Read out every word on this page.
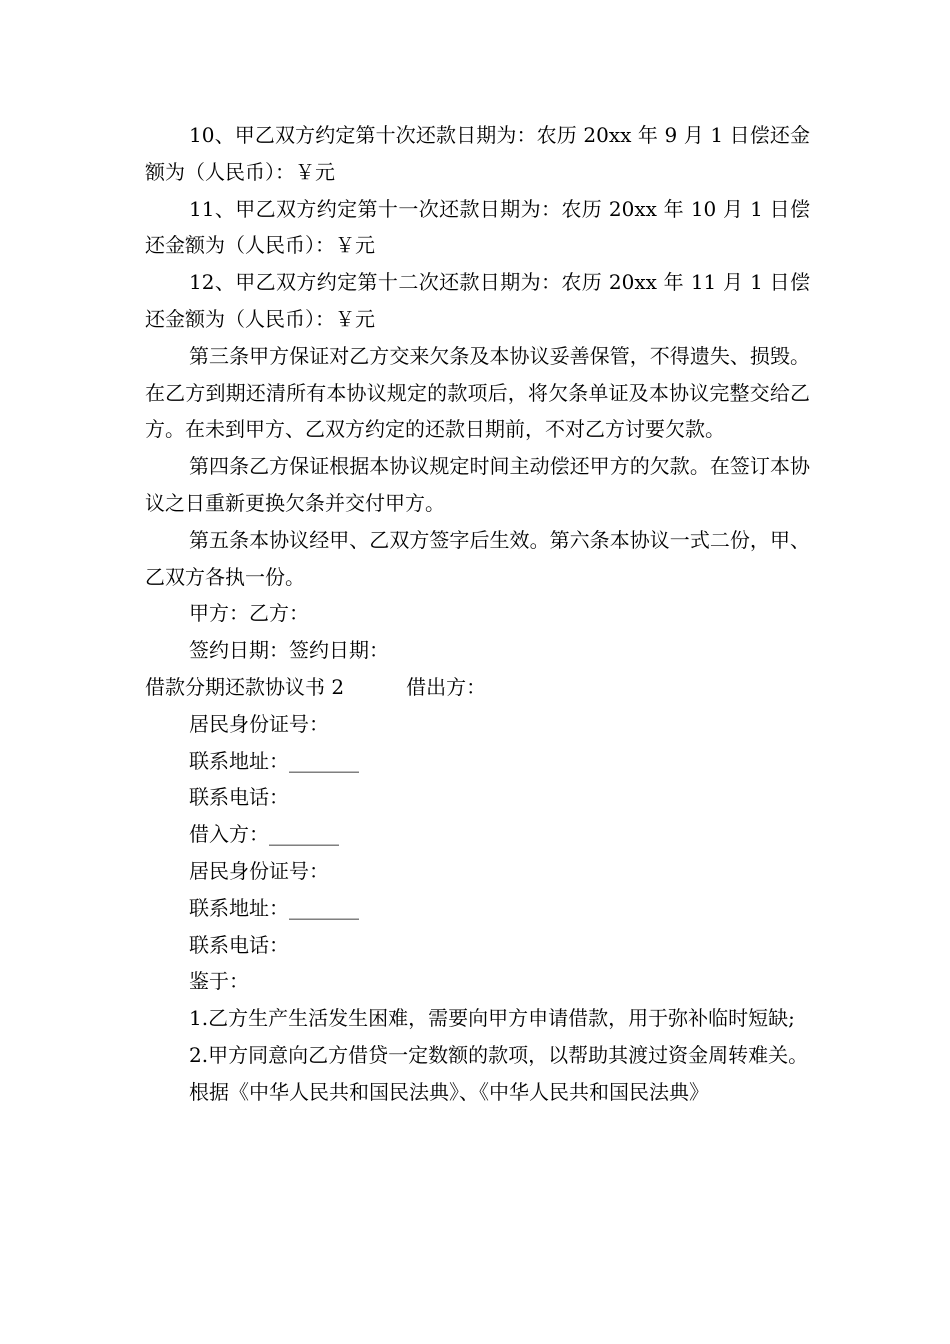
10、甲乙双方约定第十次还款日期为：农历 20xx 年 9 月 1 日偿还金额为（人民币）：￥元

11、甲乙双方约定第十一次还款日期为：农历 20xx 年 10 月 1 日偿还金额为（人民币）：￥元

12、甲乙双方约定第十二次还款日期为：农历 20xx 年 11 月 1 日偿还金额为（人民币）：￥元

第三条甲方保证对乙方交来欠条及本协议妥善保管，不得遗失、损毁。在乙方到期还清所有本协议规定的款项后，将欠条单证及本协议完整交给乙方。在未到甲方、乙双方约定的还款日期前，不对乙方讨要欠款。

第四条乙方保证根据本协议规定时间主动偿还甲方的欠款。在签订本协议之日重新更换欠条并交付甲方。

第五条本协议经甲、乙双方签字后生效。第六条本协议一式二份，甲、乙双方各执一份。

甲方：乙方：

签约日期：签约日期：

借款分期还款协议书 2	借出方：

居民身份证号：

联系地址：_______

联系电话：

借入方：_______

居民身份证号：

联系地址：_______

联系电话：

鉴于：

1.乙方生产生活发生困难，需要向甲方申请借款，用于弥补临时短缺;

2.甲方同意向乙方借贷一定数额的款项，以帮助其渡过资金周转难关。

根据《中华人民共和国民法典》、《中华人民共和国民法典》
